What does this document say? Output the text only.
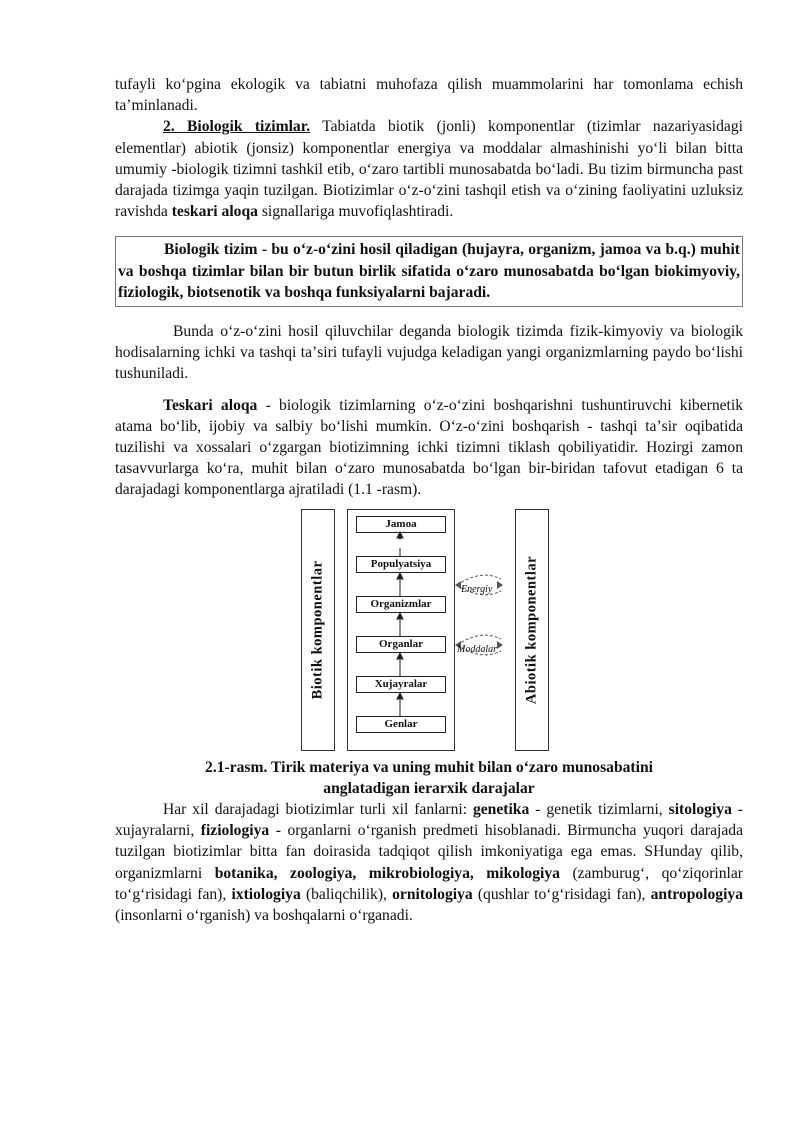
tufayli koʻpgina ekologik va tabiatni muhofaza qilish muammolarini har tomonlama echish taʼminlanadi.

2. Biologik tizimlar. Tabiatda biotik (jonli) komponentlar (tizimlar nazariyasidagi elementlar) abiotik (jonsiz) komponentlar energiya va moddalar almashinishi yoʻli bilan bitta umumiy -biologik tizimni tashkil etib, oʻzaro tartibli munosabatda boʻladi. Bu tizim birmuncha past darajada tizimga yaqin tuzilgan. Biotizimlar oʻz-oʻzini tashqil etish va oʻzining faoliyatini uzluksiz ravishda teskari aloqa signallariga muvofiqlashtiradi.

Biologik tizim - bu oʻz-oʻzini hosil qiladigan (hujayra, organizm, jamoa va b.q.) muhit va boshqa tizimlar bilan bir butun birlik sifatida oʻzaro munosabatda boʻlgan biokimyoviy, fiziologik, biotsenotik va boshqa funksiyalarni bajaradi.

Bunda oʻz-oʻzini hosil qiluvchilar deganda biologik tizimda fizik-kimyoviy va biologik hodisalarning ichki va tashqi taʼsiri tufayli vujudga keladigan yangi organizmlarning paydo boʻlishi tushuniladi.

Teskari aloqa - biologik tizimlarning oʻz-oʻzini boshqarishni tushuntiruvchi kibernetik atama boʻlib, ijobiy va salbiy boʻlishi mumkin. Oʻz-oʻzini boshqarish - tashqi taʼsir oqibatida tuzilishi va xossalari oʻzgargan biotizimning ichki tizimni tiklash qobiliyatidir. Hozirgi zamon tasavvurlarga koʻra, muhit bilan oʻzaro munosabatda boʻlgan bir-biridan tafovut etadigan 6 ta darajadagi komponentlarga ajratiladi (1.1 -rasm).

Biotik komponentlar
Jamoa
Populyatsiya
Organizmlar
Organlar
Xujayralar
Genlar
Energiy
Moddalar Abiotik komponentlar

2.1-rasm. Tirik materiya va uning muhit bilan oʻzaro munosabatini

anglatadigan ierarxik darajalar

Har xil darajadagi biotizimlar turli xil fanlarni: genetika - genetik tizimlarni, sitologiya - xujayralarni, fiziologiya - organlarni oʻrganish predmeti hisoblanadi. Birmuncha yuqori darajada tuzilgan biotizimlar bitta fan doirasida tadqiqot qilish imkoniyatiga ega emas. SHunday qilib, organizmlarni botanika, zoologiya, mikrobiologiya, mikologiya (zamburugʻ, qoʻziqorinlar toʻgʻrisidagi fan), ixtiologiya (baliqchilik), ornitologiya (qushlar toʻgʻrisidagi fan), antropologiya (insonlarni oʻrganish) va boshqalarni oʻrganadi.
